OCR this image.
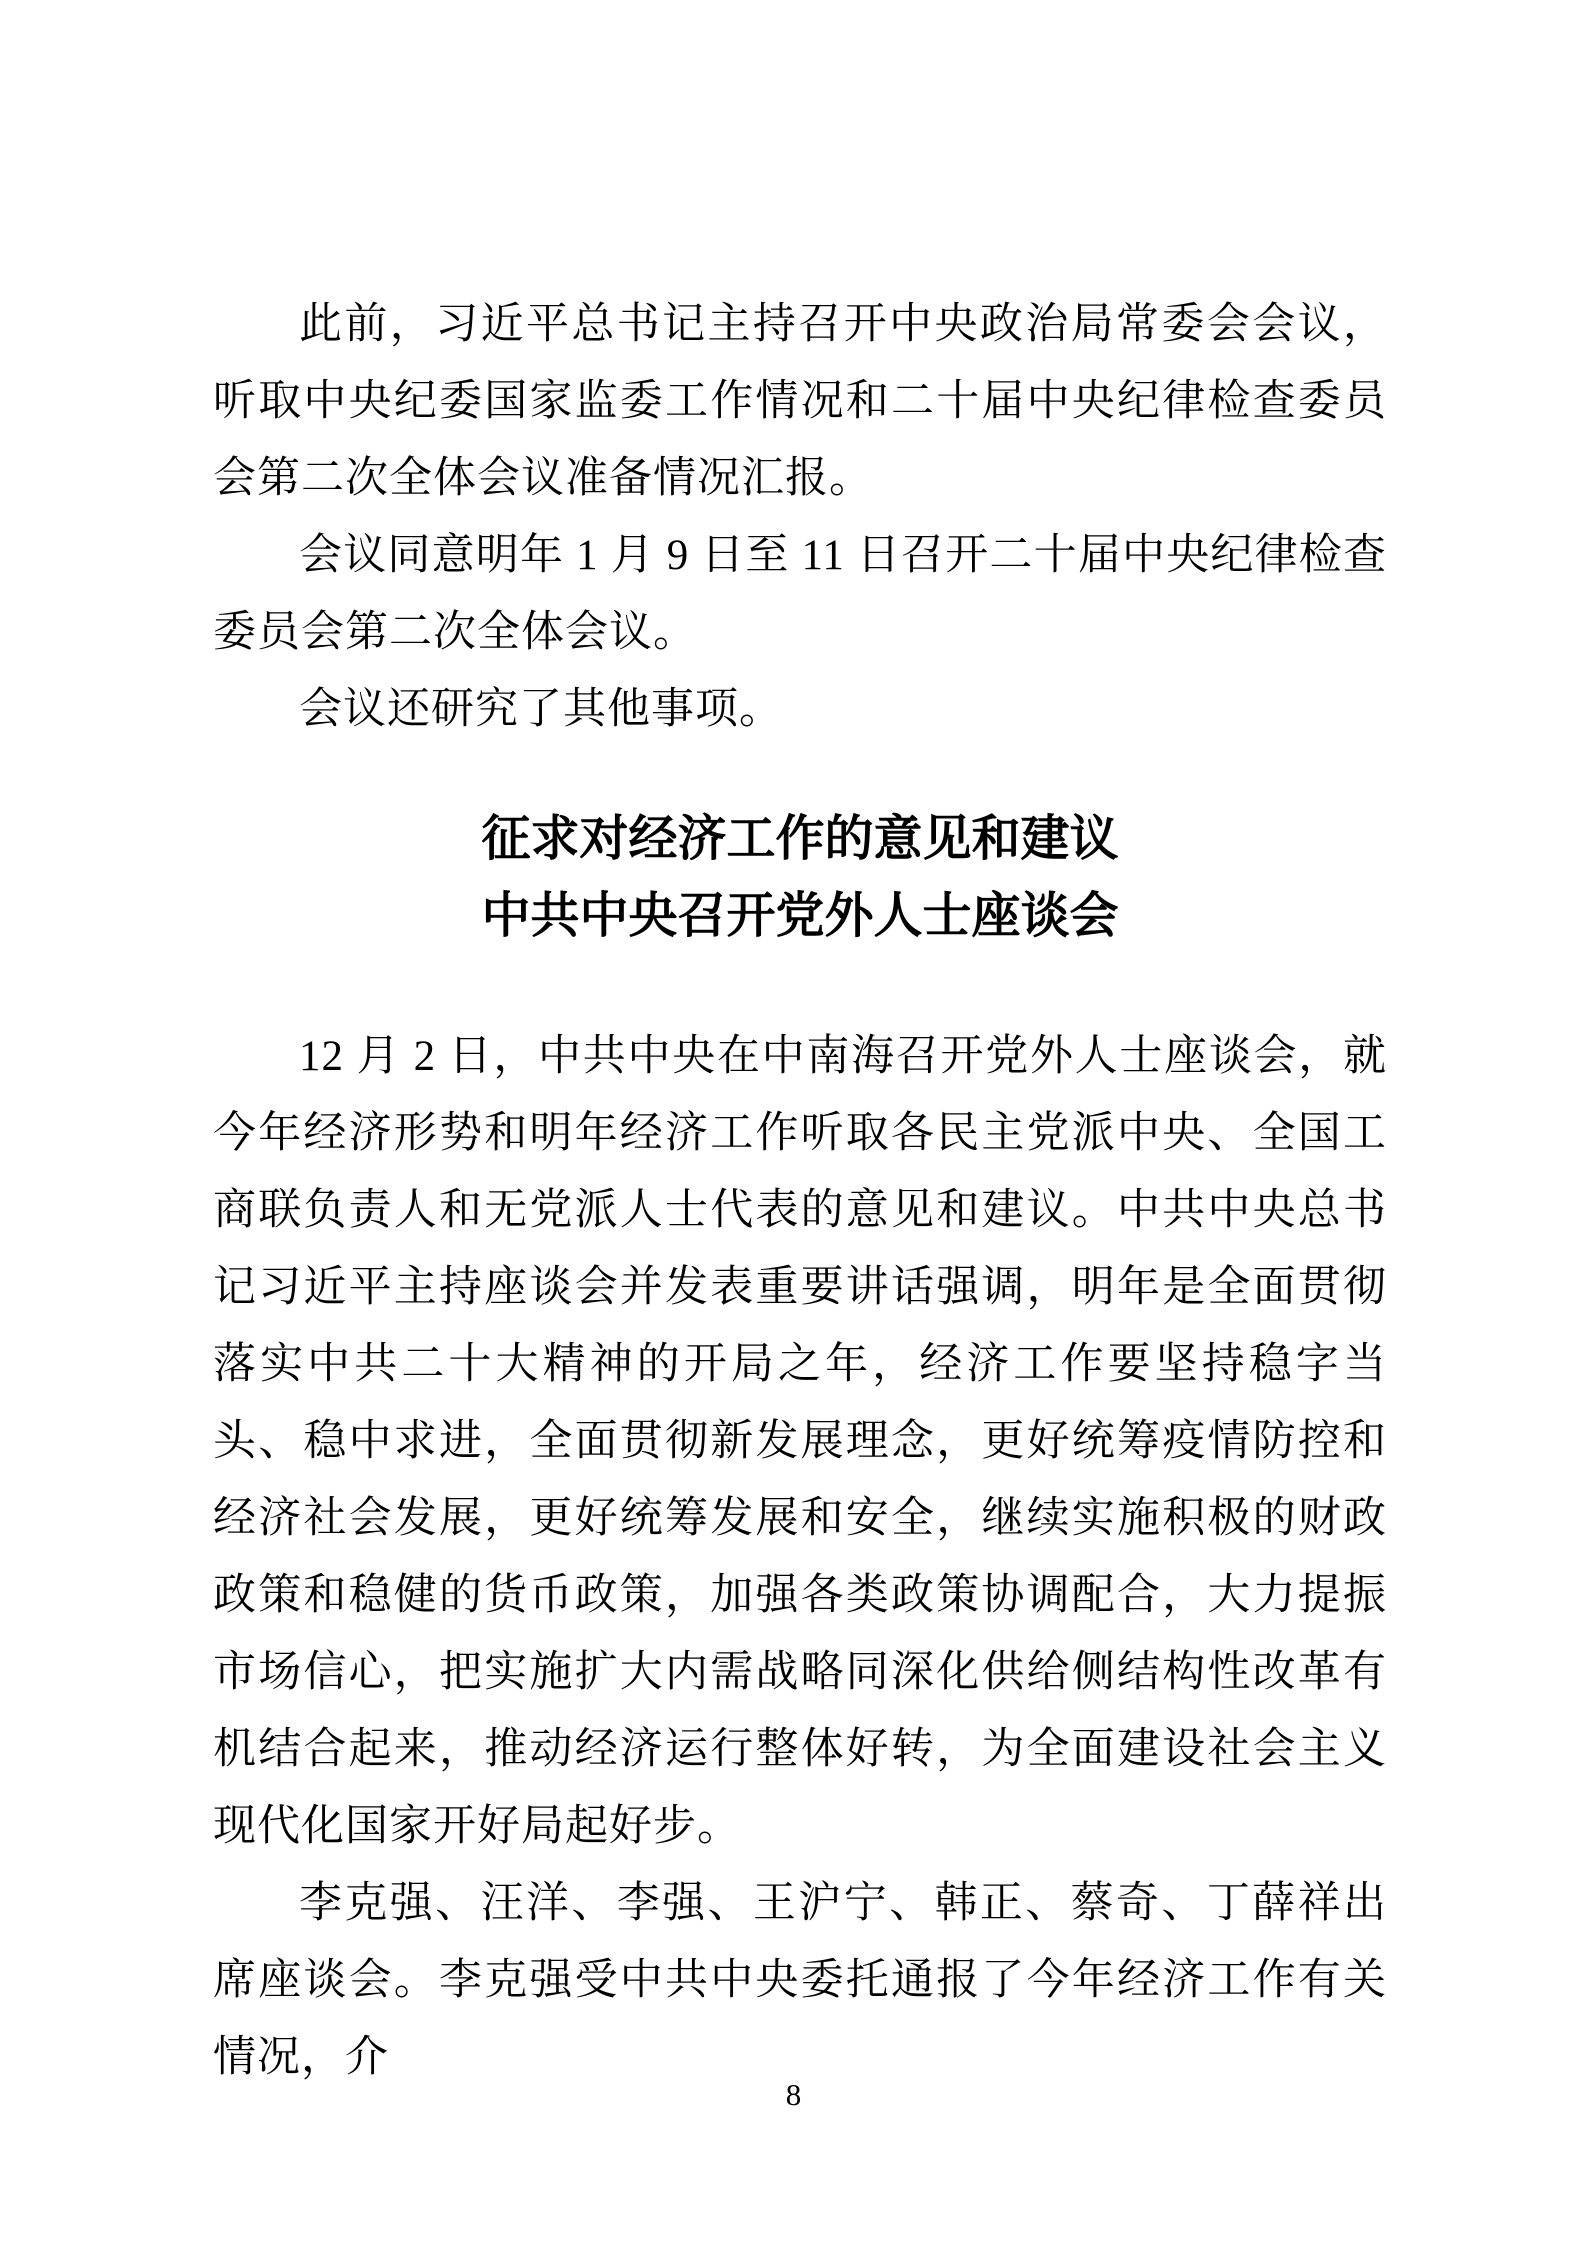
此前，习近平总书记主持召开中央政治局常委会会议，听取中央纪委国家监委工作情况和二十届中央纪律检查委员会第二次全体会议准备情况汇报。

会议同意明年 1 月 9 日至 11 日召开二十届中央纪律检查委员会第二次全体会议。

会议还研究了其他事项。

征求对经济工作的意见和建议
中共中央召开党外人士座谈会

12 月 2 日，中共中央在中南海召开党外人士座谈会，就今年经济形势和明年经济工作听取各民主党派中央、全国工商联负责人和无党派人士代表的意见和建议。中共中央总书记习近平主持座谈会并发表重要讲话强调，明年是全面贯彻落实中共二十大精神的开局之年，经济工作要坚持稳字当头、稳中求进，全面贯彻新发展理念，更好统筹疫情防控和经济社会发展，更好统筹发展和安全，继续实施积极的财政政策和稳健的货币政策，加强各类政策协调配合，大力提振市场信心，把实施扩大内需战略同深化供给侧结构性改革有机结合起来，推动经济运行整体好转，为全面建设社会主义现代化国家开好局起好步。

李克强、汪洋、李强、王沪宁、韩正、蔡奇、丁薛祥出席座谈会。李克强受中共中央委托通报了今年经济工作有关情况，介

8
